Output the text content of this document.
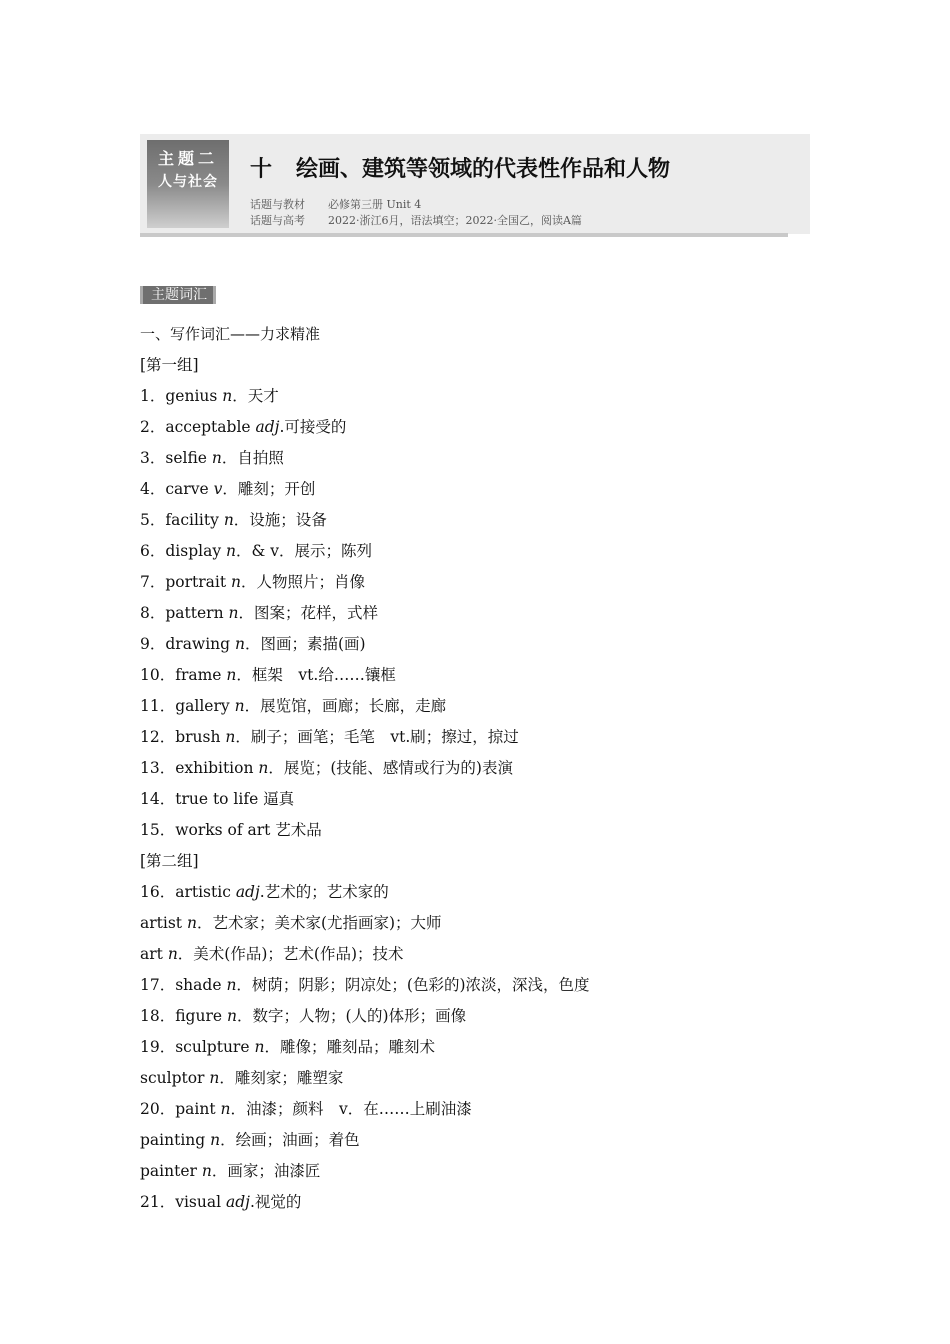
主题二
人与社会	十 绘画、建筑等领域的代表性作品和人物
话题与教材 必修第三册 Unit 4
话题与高考 2022·浙江6月，语法填空；2022·全国乙，阅读A篇
主题词汇
一、写作词汇——力求精准
[第一组]
1．genius n．天才
2．acceptable adj.可接受的
3．selfie n．自拍照
4．carve v．雕刻；开创
5．facility n．设施；设备
6．display n．& v．展示；陈列
7．portrait n．人物照片；肖像
8．pattern n．图案；花样，式样
9．drawing n．图画；素描(画)
10．frame n．框架　vt.给……镶框
11．gallery n．展览馆，画廊；长廊，走廊
12．brush n．刷子；画笔；毛笔　vt.刷；擦过，掠过
13．exhibition n．展览；(技能、感情或行为的)表演
14．true to life 逼真
15．works of art 艺术品
[第二组]
16．artistic adj.艺术的；艺术家的
artist n．艺术家；美术家(尤指画家)；大师
art n．美术(作品)；艺术(作品)；技术
17．shade n．树荫；阴影；阴凉处；(色彩的)浓淡，深浅，色度
18．figure n．数字；人物；(人的)体形；画像
19．sculpture n．雕像；雕刻品；雕刻术
sculptor n．雕刻家；雕塑家
20．paint n．油漆；颜料　v．在……上刷油漆
painting n．绘画；油画；着色
painter n．画家；油漆匠
21．visual adj.视觉的
